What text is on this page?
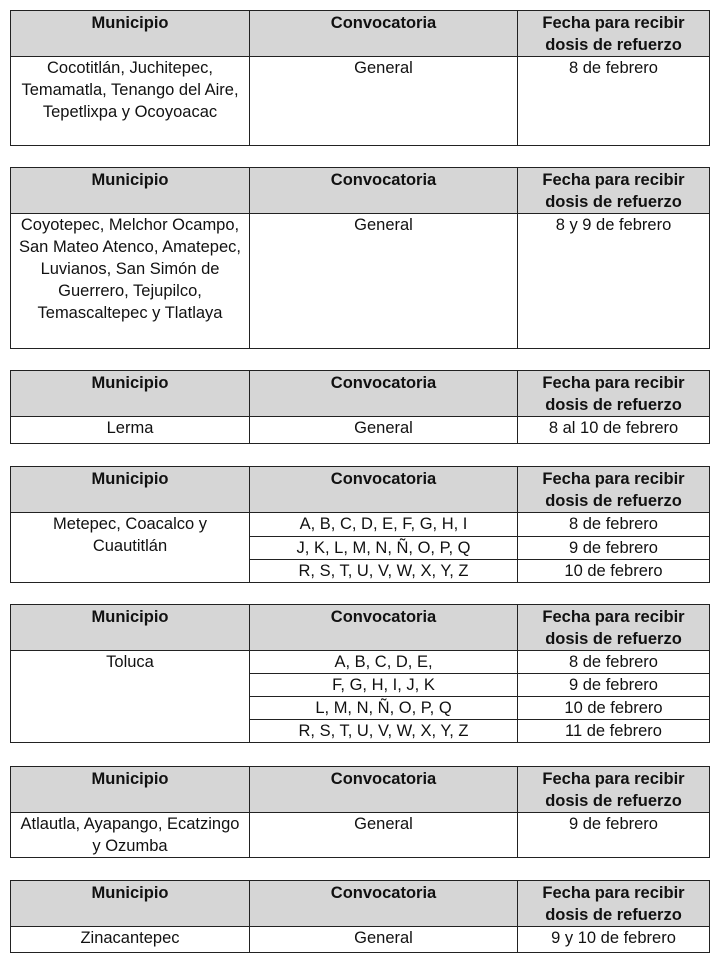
Municipio	Convocatoria	Fecha para recibir dosis de refuerzo
Cocotitlán, Juchitepec, Temamatla, Tenango del Aire, Tepetlixpa y Ocoyoacac	General	8 de febrero
Municipio	Convocatoria	Fecha para recibir dosis de refuerzo
Coyotepec, Melchor Ocampo, San Mateo Atenco, Amatepec, Luvianos, San Simón de Guerrero, Tejupilco, Temascaltepec y Tlatlaya	General	8 y 9 de febrero
Municipio	Convocatoria	Fecha para recibir dosis de refuerzo
Lerma	General	8 al 10 de febrero
Municipio	Convocatoria	Fecha para recibir dosis de refuerzo
Metepec, Coacalco y Cuautitlán	A, B, C, D, E, F, G, H, I	8 de febrero
	J, K, L, M, N, Ñ, O, P, Q	9 de febrero
	R, S, T, U, V, W, X, Y, Z	10 de febrero
Municipio	Convocatoria	Fecha para recibir dosis de refuerzo
Toluca	A, B, C, D, E,	8 de febrero
	F, G, H, I, J, K	9 de febrero
	L, M, N, Ñ, O, P, Q	10 de febrero
	R, S, T, U, V, W, X, Y, Z	11 de febrero
Municipio	Convocatoria	Fecha para recibir dosis de refuerzo
Atlautla, Ayapango, Ecatzingo y Ozumba	General	9 de febrero
Municipio	Convocatoria	Fecha para recibir dosis de refuerzo
Zinacantepec	General	9 y 10 de febrero
